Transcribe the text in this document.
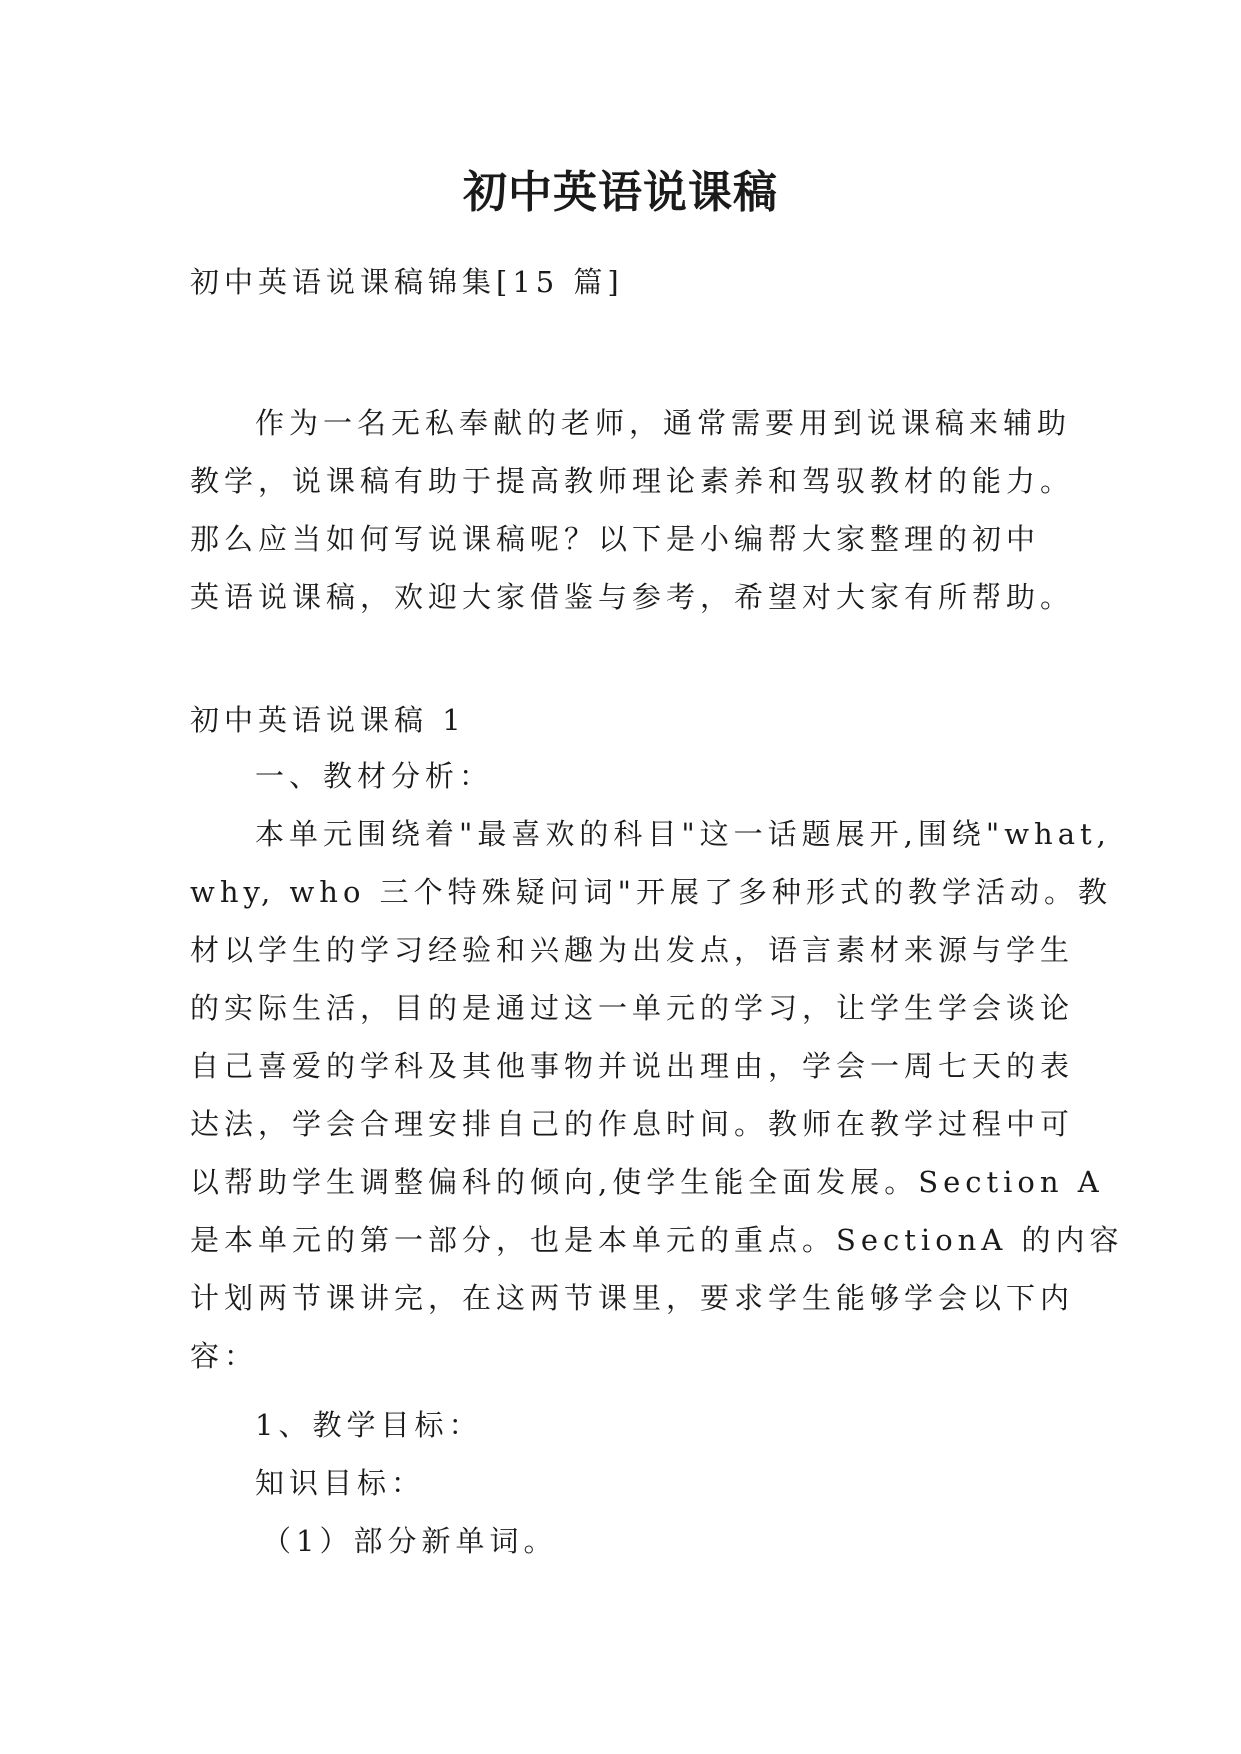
初中英语说课稿
初中英语说课稿锦集[15 篇]
作为一名无私奉献的老师，通常需要用到说课稿来辅助
教学，说课稿有助于提高教师理论素养和驾驭教材的能力。
那么应当如何写说课稿呢？以下是小编帮大家整理的初中
英语说课稿，欢迎大家借鉴与参考，希望对大家有所帮助。
初中英语说课稿 1
一、教材分析：
本单元围绕着"最喜欢的科目"这一话题展开,围绕"what,
why, who 三个特殊疑问词"开展了多种形式的教学活动。教
材以学生的学习经验和兴趣为出发点，语言素材来源与学生
的实际生活，目的是通过这一单元的学习，让学生学会谈论
自己喜爱的学科及其他事物并说出理由，学会一周七天的表
达法，学会合理安排自己的作息时间。教师在教学过程中可
以帮助学生调整偏科的倾向,使学生能全面发展。Section A
是本单元的第一部分，也是本单元的重点。SectionA 的内容
计划两节课讲完，在这两节课里，要求学生能够学会以下内
容：
1、教学目标：
知识目标：
（1）部分新单词。
